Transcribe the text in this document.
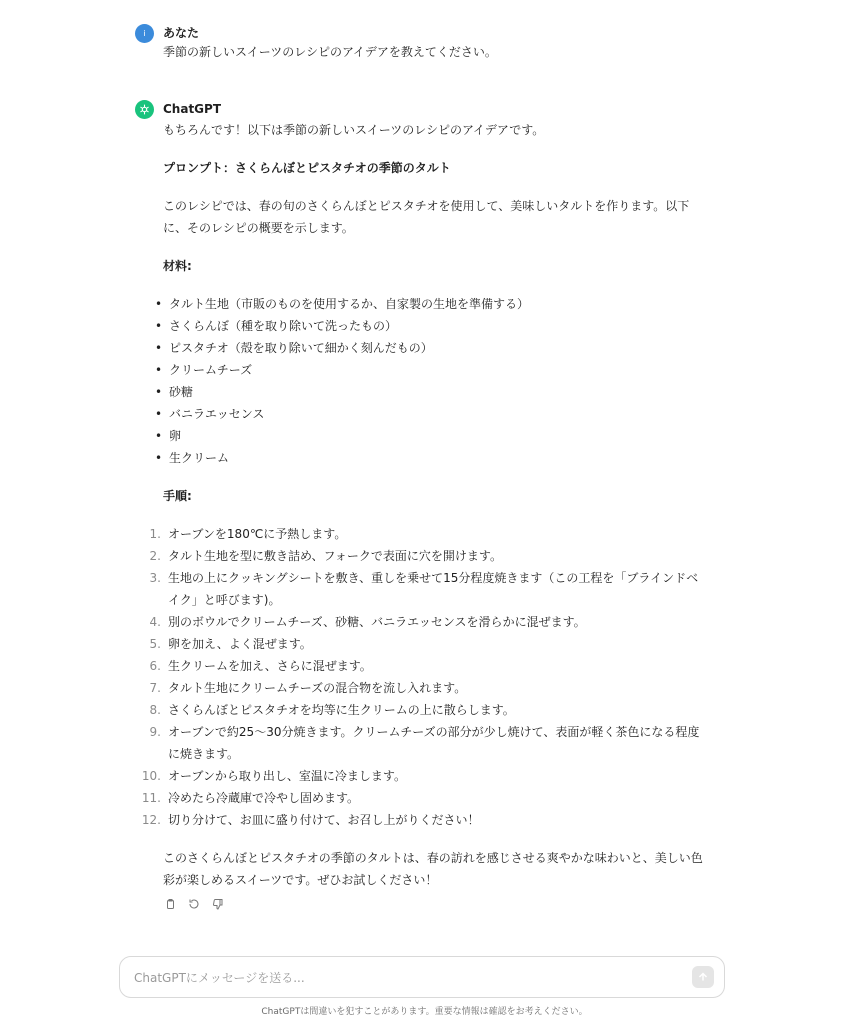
i あなた
季節の新しいスイーツのレシピのアイデアを教えてください。
ChatGPT

もちろんです！以下は季節の新しいスイーツのレシピのアイデアです。

プロンプト：さくらんぼとピスタチオの季節のタルト

このレシピでは、春の旬のさくらんぼとピスタチオを使用して、美味しいタルトを作ります。以下に、そのレシピの概要を示します。

材料:

• タルト生地（市販のものを使用するか、自家製の生地を準備する）
• さくらんぼ（種を取り除いて洗ったもの）
• ピスタチオ（殻を取り除いて細かく刻んだもの）
• クリームチーズ
• 砂糖
• バニラエッセンス
• 卵
• 生クリーム

手順:

1. オーブンを180℃に予熱します。
2. タルト生地を型に敷き詰め、フォークで表面に穴を開けます。
3. 生地の上にクッキングシートを敷き、重しを乗せて15分程度焼きます（この工程を「ブラインドベイク」と呼びます)。
4. 別のボウルでクリームチーズ、砂糖、バニラエッセンスを滑らかに混ぜます。
5. 卵を加え、よく混ぜます。
6. 生クリームを加え、さらに混ぜます。
7. タルト生地にクリームチーズの混合物を流し入れます。
8. さくらんぼとピスタチオを均等に生クリームの上に散らします。
9. オーブンで約25〜30分焼きます。クリームチーズの部分が少し焼けて、表面が軽く茶色になる程度に焼きます。
10. オーブンから取り出し、室温に冷まします。
11. 冷めたら冷蔵庫で冷やし固めます。
12. 切り分けて、お皿に盛り付けて、お召し上がりください！

このさくらんぼとピスタチオの季節のタルトは、春の訪れを感じさせる爽やかな味わいと、美しい色彩が楽しめるスイーツです。ぜひお試しください！

ChatGPTにメッセージを送る...
ChatGPTは間違いを犯すことがあります。重要な情報は確認をお考えください。
